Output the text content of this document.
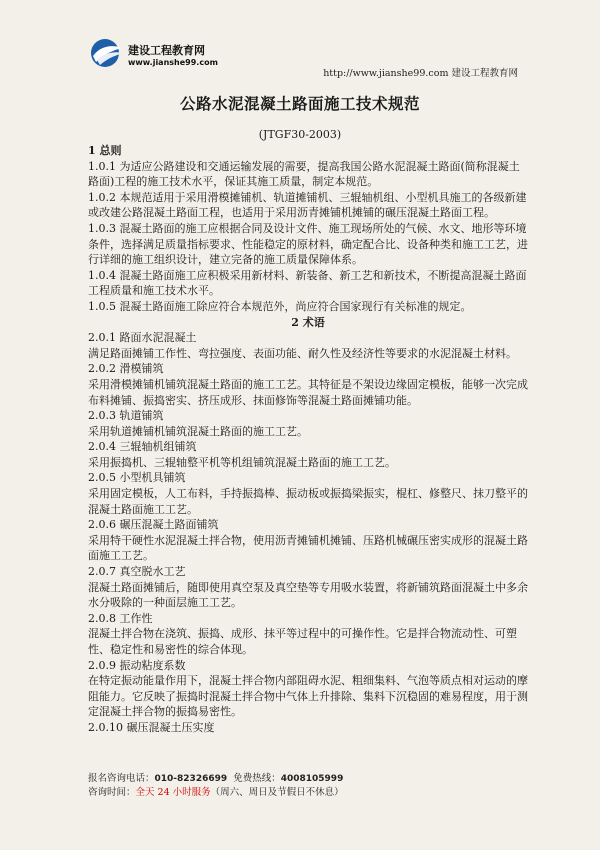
建设工程教育网
www.jianshe99.com
http://www.jianshe99.com 建设工程教育网
公路水泥混凝土路面施工技术规范
(JTGF30-2003)

1 总则

1.0.1 为适应公路建设和交通运输发展的需要，提高我国公路水泥混凝土路面(简称混凝土路面)工程的施工技术水平，保证其施工质量，制定本规范。

1.0.2 本规范适用于采用滑模摊铺机、轨道摊铺机、三辊轴机组、小型机具施工的各级新建或改建公路混凝土路面工程，也适用于采用沥青摊铺机摊铺的碾压混凝土路面工程。

1.0.3 混凝土路面的施工应根据合同及设计文件、施工现场所处的气候、水文、地形等环境条件，选择满足质量指标要求、性能稳定的原材料，确定配合比、设备种类和施工工艺，进行详细的施工组织设计，建立完备的施工质量保障体系。

1.0.4 混凝土路面施工应积极采用新材料、新装备、新工艺和新技术，不断提高混凝土路面工程质量和施工技术水平。

1.0.5 混凝土路面施工除应符合本规范外，尚应符合国家现行有关标准的规定。

2 术语

2.0.1 路面水泥混凝土

满足路面摊铺工作性、弯拉强度、表面功能、耐久性及经济性等要求的水泥混凝土材料。

2.0.2 滑模铺筑

采用滑模摊铺机铺筑混凝土路面的施工工艺。其特征是不架设边缘固定模板，能够一次完成布料摊铺、振捣密实、挤压成形、抹面修饰等混凝土路面摊铺功能。

2.0.3 轨道铺筑

采用轨道摊铺机铺筑混凝土路面的施工工艺。

2.0.4 三辊轴机组铺筑

采用振捣机、三辊轴整平机等机组铺筑混凝土路面的施工工艺。

2.0.5 小型机具铺筑

采用固定模板，人工布料，手持振捣棒、振动板或振捣梁振实，棍杠、修整尺、抹刀整平的混凝土路面施工工艺。

2.0.6 碾压混凝土路面铺筑

采用特干硬性水泥混凝土拌合物，使用沥青摊铺机摊铺、压路机械碾压密实成形的混凝土路面施工工艺。

2.0.7 真空脱水工艺

混凝土路面摊铺后，随即使用真空泵及真空垫等专用吸水装置，将新铺筑路面混凝土中多余水分吸除的一种面层施工工艺。

2.0.8 工作性

混凝土拌合物在浇筑、振捣、成形、抹平等过程中的可操作性。它是拌合物流动性、可塑性、稳定性和易密性的综合体现。

2.0.9 振动粘度系数

在特定振动能量作用下，混凝土拌合物内部阻碍水泥、粗细集料、气泡等质点相对运动的摩阻能力。它反映了振捣时混凝土拌合物中气体上升排除、集料下沉稳固的难易程度，用于测定混凝土拌合物的振捣易密性。

2.0.10 碾压混凝土压实度

报名咨询电话：010-82326699 免费热线：4008105999
咨询时间：全天 24 小时服务（周六、周日及节假日不休息）
